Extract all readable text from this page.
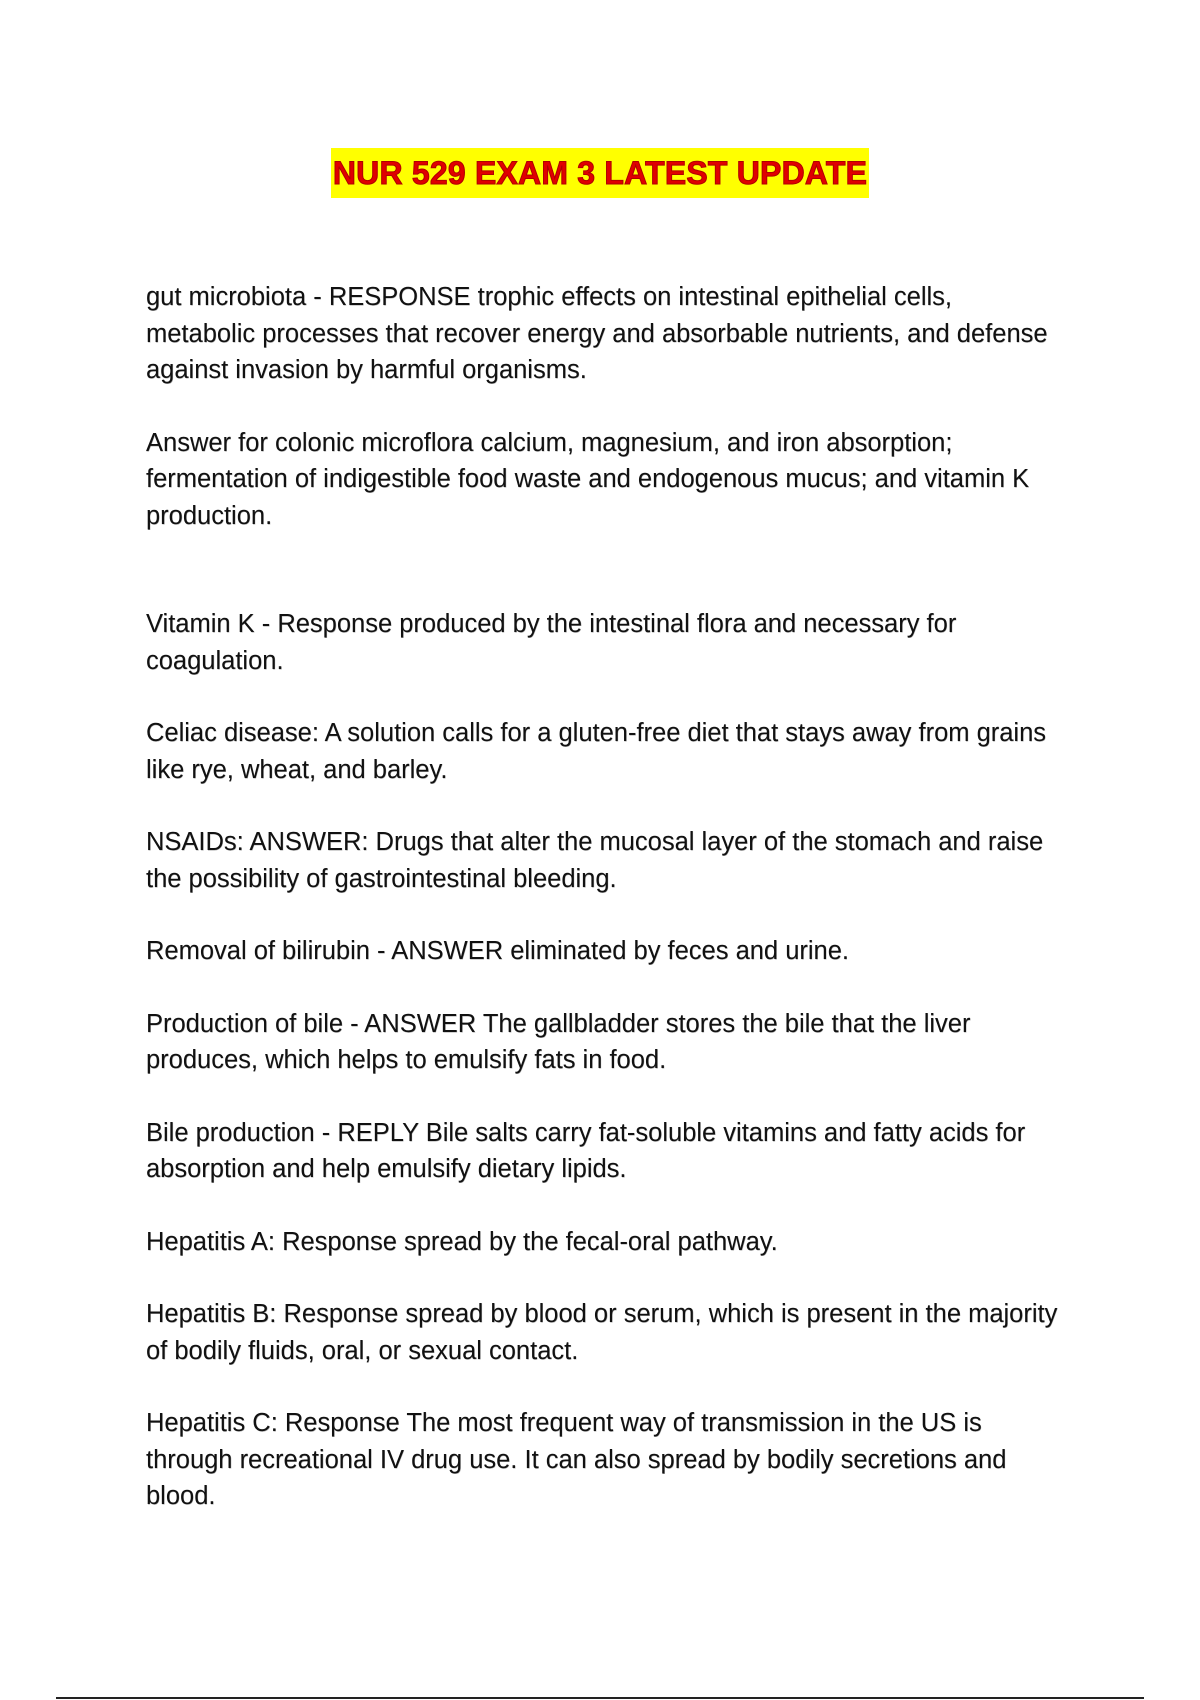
NUR 529 EXAM 3 LATEST UPDATE

gut microbiota - RESPONSE trophic effects on intestinal epithelial cells, metabolic processes that recover energy and absorbable nutrients, and defense against invasion by harmful organisms.

Answer for colonic microflora calcium, magnesium, and iron absorption; fermentation of indigestible food waste and endogenous mucus; and vitamin K production.

Vitamin K - Response produced by the intestinal flora and necessary for coagulation.

Celiac disease: A solution calls for a gluten-free diet that stays away from grains like rye, wheat, and barley.

NSAIDs: ANSWER: Drugs that alter the mucosal layer of the stomach and raise the possibility of gastrointestinal bleeding.

Removal of bilirubin - ANSWER eliminated by feces and urine.

Production of bile - ANSWER The gallbladder stores the bile that the liver produces, which helps to emulsify fats in food.

Bile production - REPLY Bile salts carry fat-soluble vitamins and fatty acids for absorption and help emulsify dietary lipids.

Hepatitis A: Response spread by the fecal-oral pathway.

Hepatitis B: Response spread by blood or serum, which is present in the majority of bodily fluids, oral, or sexual contact.

Hepatitis C: Response The most frequent way of transmission in the US is through recreational IV drug use. It can also spread by bodily secretions and blood.
